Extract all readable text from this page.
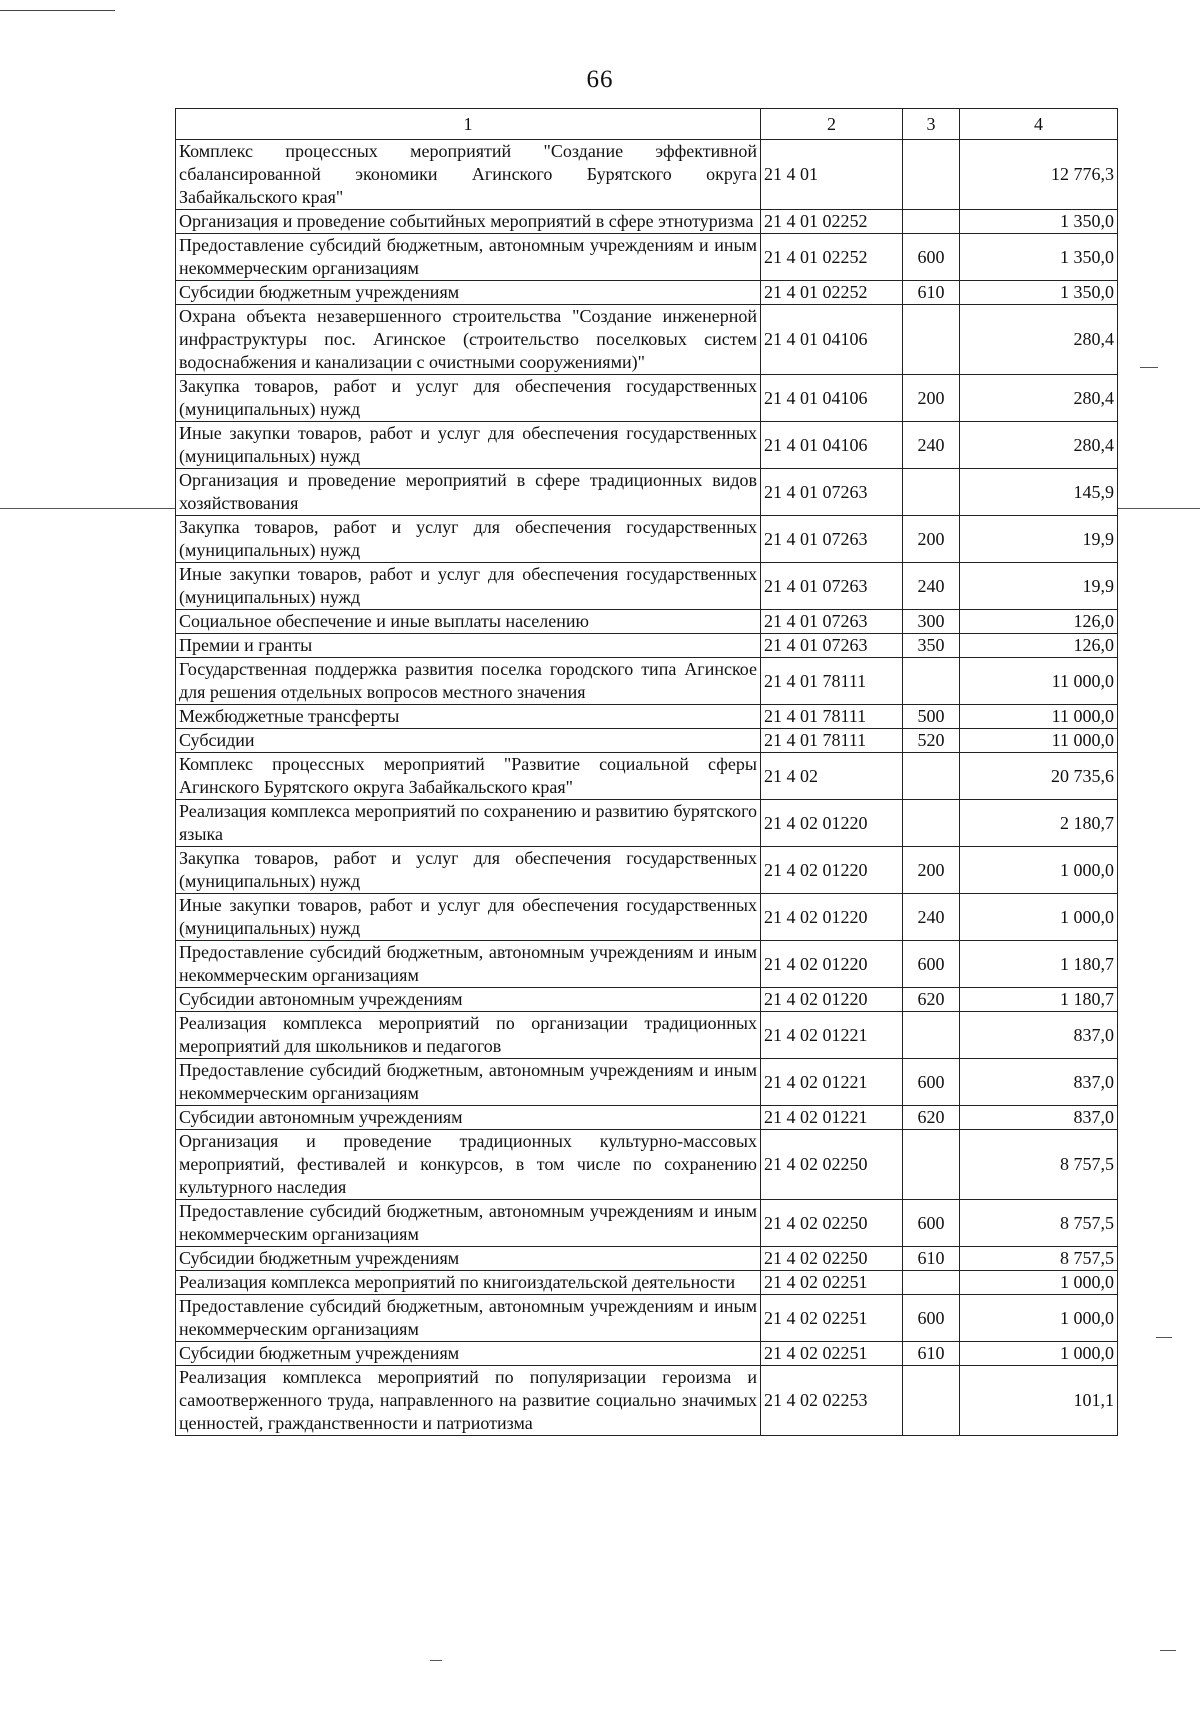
66
1	2	3	4
Комплекс процессных мероприятий "Создание эффективной сбалансированной экономики Агинского Бурятского округа Забайкальского края"	21 4 01		12 776,3
Организация и проведение событийных мероприятий в сфере этнотуризма	21 4 01 02252		1 350,0
Предоставление субсидий бюджетным, автономным учреждениям и иным некоммерческим организациям	21 4 01 02252	600	1 350,0
Субсидии бюджетным учреждениям	21 4 01 02252	610	1 350,0
Охрана объекта незавершенного строительства "Создание инженерной инфраструктуры пос. Агинское (строительство поселковых систем водоснабжения и канализации с очистными сооружениями)"	21 4 01 04106		280,4
Закупка товаров, работ и услуг для обеспечения государственных (муниципальных) нужд	21 4 01 04106	200	280,4
Иные закупки товаров, работ и услуг для обеспечения государственных (муниципальных) нужд	21 4 01 04106	240	280,4
Организация и проведение мероприятий в сфере традиционных видов хозяйствования	21 4 01 07263		145,9
Закупка товаров, работ и услуг для обеспечения государственных (муниципальных) нужд	21 4 01 07263	200	19,9
Иные закупки товаров, работ и услуг для обеспечения государственных (муниципальных) нужд	21 4 01 07263	240	19,9
Социальное обеспечение и иные выплаты населению	21 4 01 07263	300	126,0
Премии и гранты	21 4 01 07263	350	126,0
Государственная поддержка развития поселка городского типа Агинское для решения отдельных вопросов местного значения	21 4 01 78111		11 000,0
Межбюджетные трансферты	21 4 01 78111	500	11 000,0
Субсидии	21 4 01 78111	520	11 000,0
Комплекс процессных мероприятий "Развитие социальной сферы Агинского Бурятского округа Забайкальского края"	21 4 02		20 735,6
Реализация комплекса мероприятий по сохранению и развитию бурятского языка	21 4 02 01220		2 180,7
Закупка товаров, работ и услуг для обеспечения государственных (муниципальных) нужд	21 4 02 01220	200	1 000,0
Иные закупки товаров, работ и услуг для обеспечения государственных (муниципальных) нужд	21 4 02 01220	240	1 000,0
Предоставление субсидий бюджетным, автономным учреждениям и иным некоммерческим организациям	21 4 02 01220	600	1 180,7
Субсидии автономным учреждениям	21 4 02 01220	620	1 180,7
Реализация комплекса мероприятий по организации традиционных мероприятий для школьников и педагогов	21 4 02 01221		837,0
Предоставление субсидий бюджетным, автономным учреждениям и иным некоммерческим организациям	21 4 02 01221	600	837,0
Субсидии автономным учреждениям	21 4 02 01221	620	837,0
Организация и проведение традиционных культурно-массовых мероприятий, фестивалей и конкурсов, в том числе по сохранению культурного наследия	21 4 02 02250		8 757,5
Предоставление субсидий бюджетным, автономным учреждениям и иным некоммерческим организациям	21 4 02 02250	600	8 757,5
Субсидии бюджетным учреждениям	21 4 02 02250	610	8 757,5
Реализация комплекса мероприятий по книгоиздательской деятельности	21 4 02 02251		1 000,0
Предоставление субсидий бюджетным, автономным учреждениям и иным некоммерческим организациям	21 4 02 02251	600	1 000,0
Субсидии бюджетным учреждениям	21 4 02 02251	610	1 000,0
Реализация комплекса мероприятий по популяризации героизма и самоотверженного труда, направленного на развитие социально значимых ценностей, гражданственности и патриотизма	21 4 02 02253		101,1
